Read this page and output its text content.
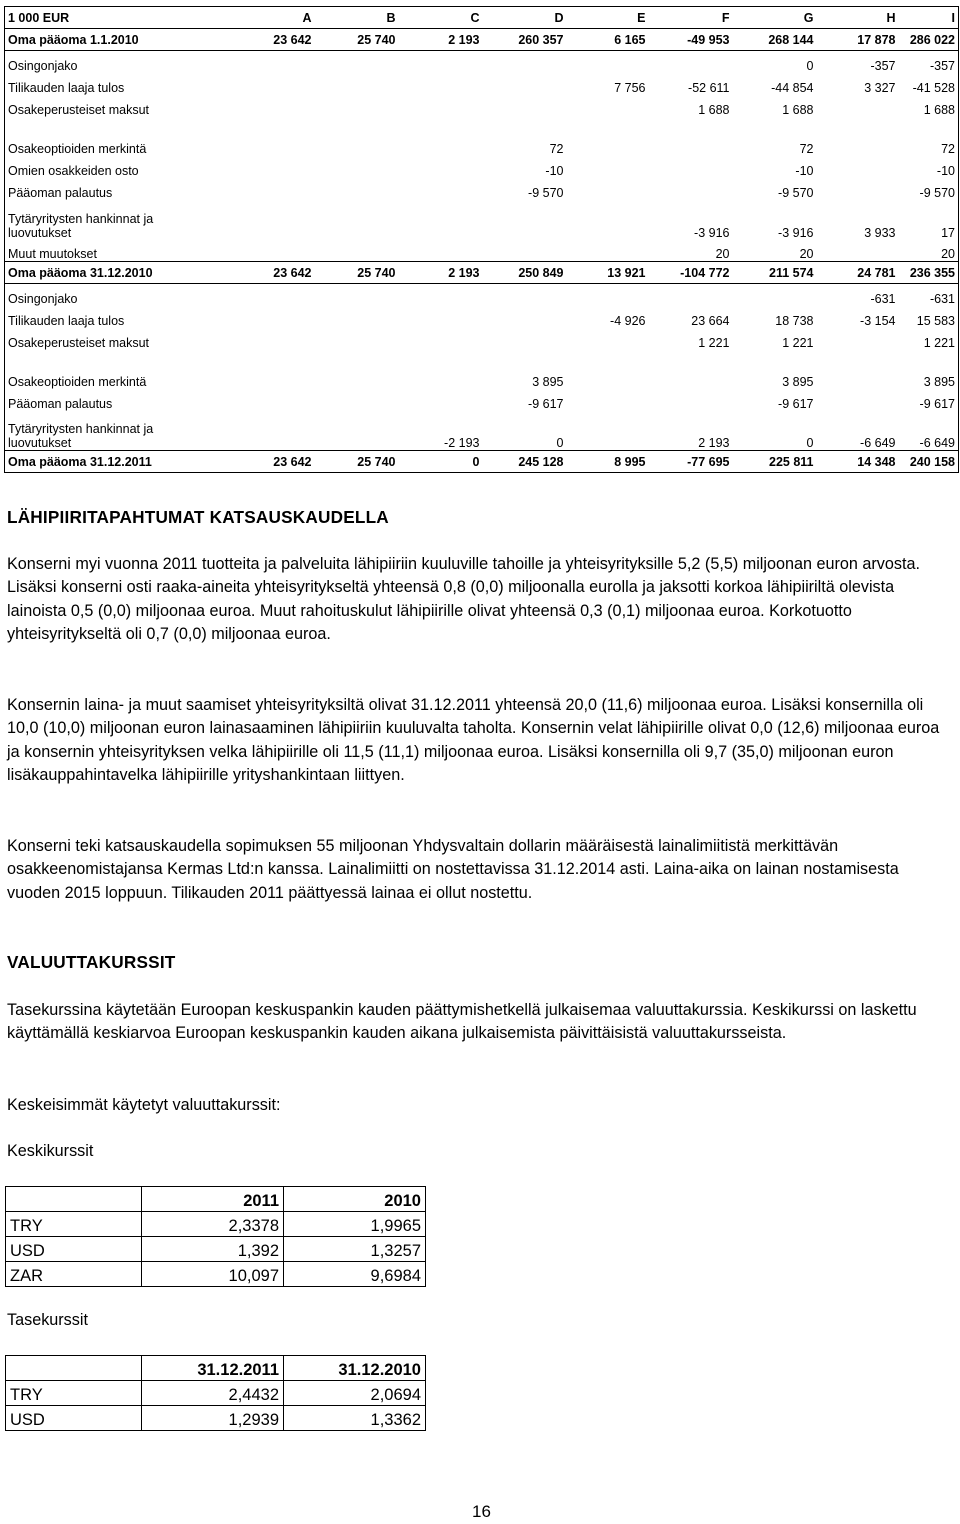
1 000 EUR	A	B	C	D	E	F	G	H	I
Oma pääoma 1.1.2010	23 642	25 740	2 193	260 357	6 165	-49 953	268 144	17 878	286 022
Osingonjako							0	-357	-357
Tilikauden laaja tulos					7 756	-52 611	-44 854	3 327	-41 528
Osakeperusteiset maksut						1 688	1 688		1 688

Osakeoptioiden merkintä				72			72		72
Omien osakkeiden osto				-10			-10		-10
Pääoman palautus				-9 570			-9 570		-9 570

Tytäryritysten hankinnat ja
luovutukset						-3 916	-3 916	3 933	17
Muut muutokset						20	20		20
Oma pääoma 31.12.2010	23 642	25 740	2 193	250 849	13 921	-104 772	211 574	24 781	236 355
Osingonjako								-631	-631
Tilikauden laaja tulos					-4 926	23 664	18 738	-3 154	15 583
Osakeperusteiset maksut						1 221	1 221		1 221

Osakeoptioiden merkintä				3 895			3 895		3 895
Pääoman palautus				-9 617			-9 617		-9 617

Tytäryritysten hankinnat ja
luovutukset			-2 193	0		2 193	0	-6 649	-6 649
Oma pääoma 31.12.2011	23 642	25 740	0	245 128	8 995	-77 695	225 811	14 348	240 158
LÄHIPIIRITAPAHTUMAT KATSAUSKAUDELLA

Konserni myi vuonna 2011 tuotteita ja palveluita lähipiiriin kuuluville tahoille ja yhteisyrityksille 5,2 (5,5) miljoonan euron arvosta. Lisäksi konserni osti raaka-aineita yhteisyritykseltä yhteensä 0,8 (0,0) miljoonalla eurolla ja jaksotti korkoa lähipiiriltä olevista lainoista 0,5 (0,0) miljoonaa euroa. Muut rahoituskulut lähipiirille olivat yhteensä 0,3 (0,1) miljoonaa euroa. Korkotuotto yhteisyritykseltä oli 0,7 (0,0) miljoonaa euroa.

Konsernin laina- ja muut saamiset yhteisyrityksiltä olivat 31.12.2011 yhteensä 20,0 (11,6) miljoonaa euroa. Lisäksi konsernilla oli 10,0 (10,0) miljoonan euron lainasaaminen lähipiiriin kuuluvalta taholta. Konsernin velat lähipiirille olivat 0,0 (12,6) miljoonaa euroa ja konsernin yhteisyrityksen velka lähipiirille oli 11,5 (11,1) miljoonaa euroa. Lisäksi konsernilla oli 9,7 (35,0) miljoonan euron lisäkauppahintavelka lähipiirille yrityshankintaan liittyen.

Konserni teki katsauskaudella sopimuksen 55 miljoonan Yhdysvaltain dollarin määräisestä lainalimiitistä merkittävän osakkeenomistajansa Kermas Ltd:n kanssa. Lainalimiitti on nostettavissa 31.12.2014 asti. Laina-aika on lainan nostamisesta vuoden 2015 loppuun. Tilikauden 2011 päättyessä lainaa ei ollut nostettu.

VALUUTTAKURSSIT

Tasekurssina käytetään Euroopan keskuspankin kauden päättymishetkellä julkaisemaa valuuttakurssia. Keskikurssi on laskettu käyttämällä keskiarvoa Euroopan keskuspankin kauden aikana julkaisemista päivittäisistä valuuttakursseista.

Keskeisimmät käytetyt valuuttakurssit:

Keskikurssit

	2011	2010
TRY	2,3378	1,9965
USD	1,392	1,3257
ZAR	10,097	9,6984

Tasekurssit

	31.12.2011	31.12.2010
TRY	2,4432	2,0694
USD	1,2939	1,3362
16
